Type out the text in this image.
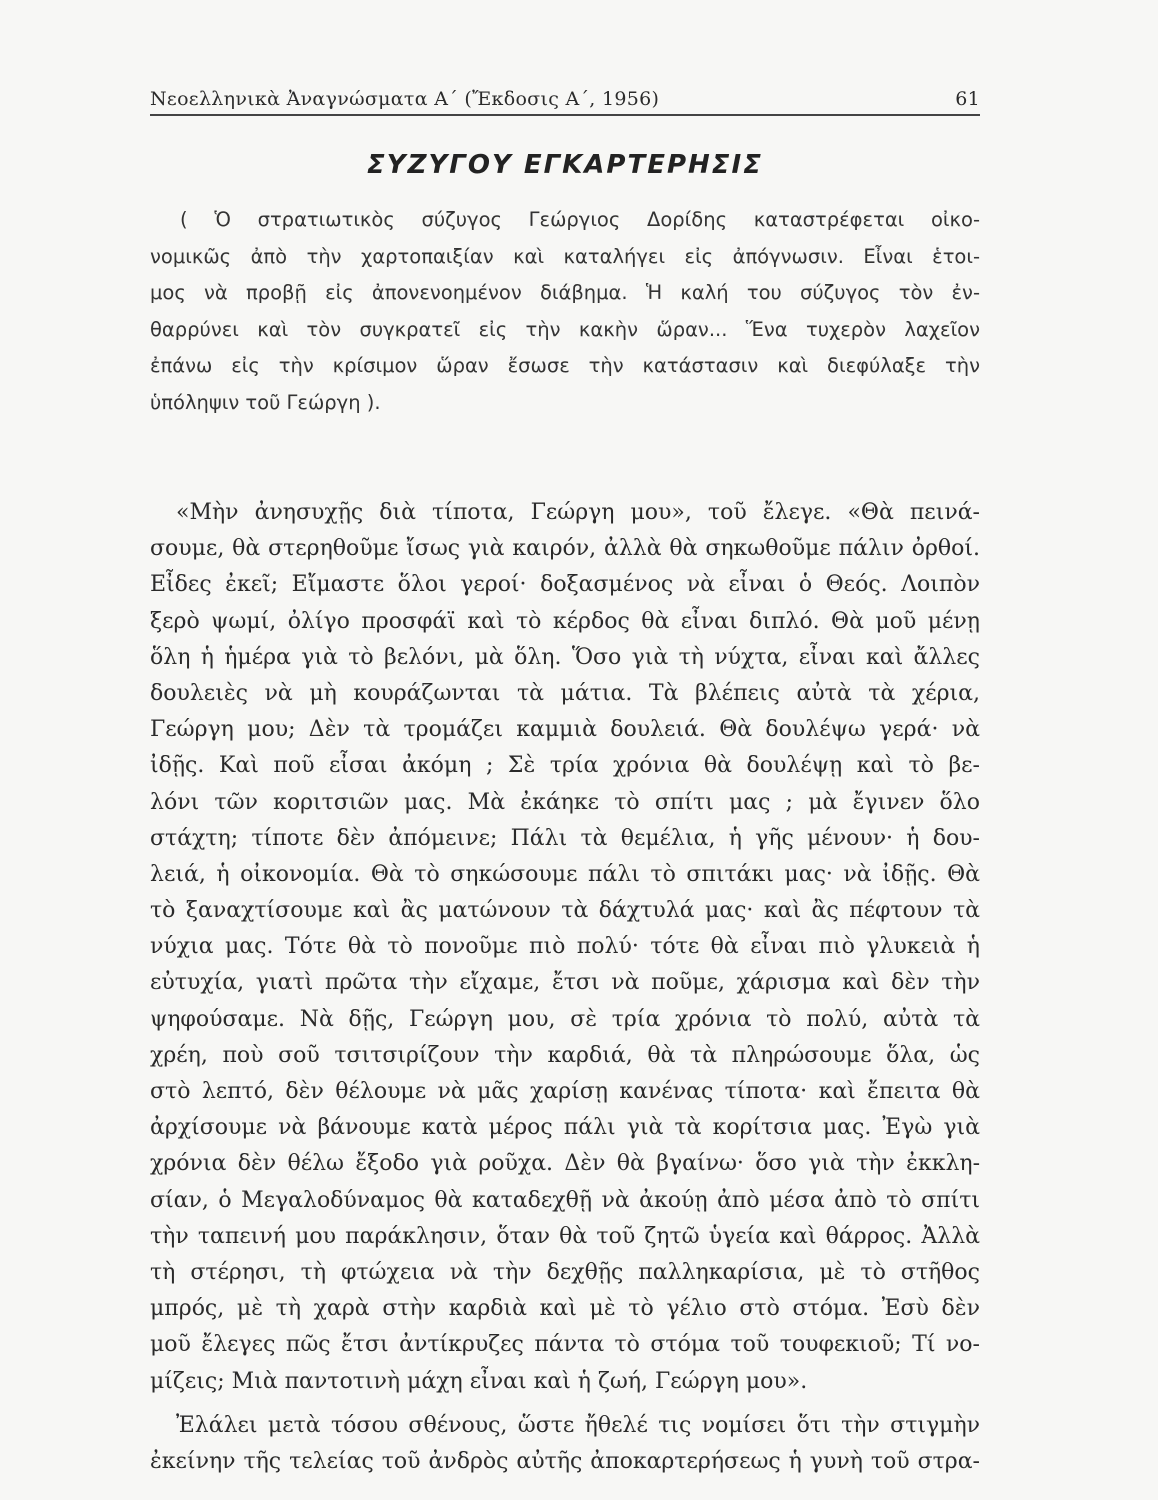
Νεοελληνικὰ Ἀναγνώσματα Α΄ (Ἔκδοσις Α΄, 1956)	61
ΣΥΖΥΓΟΥ ΕΓΚΑΡΤΕΡΗΣΙΣ
( Ὁ στρατιωτικὸς σύζυγος Γεώργιος Δορίδης καταστρέφεται οἰκο-
νομικῶς ἀπὸ τὴν χαρτοπαιξίαν καὶ καταλήγει εἰς ἀπόγνωσιν. Εἶναι ἑτοι-
μος νὰ προβῇ εἰς ἀπονενοημένον διάβημα. Ἡ καλή του σύζυγος τὸν ἐν-
θαρρύνει καὶ τὸν συγκρατεῖ εἰς τὴν κακὴν ὥραν... Ἕνα τυχερὸν λαχεῖον
ἐπάνω εἰς τὴν κρίσιμον ὥραν ἔσωσε τὴν κατάστασιν καὶ διεφύλαξε τὴν
ὑπόληψιν τοῦ Γεώργη ).
«Μὴν ἀνησυχῇς διὰ τίποτα, Γεώργη μου», τοῦ ἔλεγε. «Θὰ πεινά-
σουμε, θὰ στερηθοῦμε ἴσως γιὰ καιρόν, ἀλλὰ θὰ σηκωθοῦμε πάλιν ὀρθοί.
Εἶδες ἐκεῖ; Εἴμαστε ὅλοι γεροί· δοξασμένος νὰ εἶναι ὁ Θεός. Λοιπὸν
ξερὸ ψωμί, ὀλίγο προσφάϊ καὶ τὸ κέρδος θὰ εἶναι διπλό. Θὰ μοῦ μένῃ
ὅλη ἡ ἡμέρα γιὰ τὸ βελόνι, μὰ ὅλη. Ὅσο γιὰ τὴ νύχτα, εἶναι καὶ ἄλλες
δουλειὲς νὰ μὴ κουράζωνται τὰ μάτια. Τὰ βλέπεις αὐτὰ τὰ χέρια,
Γεώργη μου; Δὲν τὰ τρομάζει καμμιὰ δουλειά. Θὰ δουλέψω γερά· νὰ
ἰδῇς. Καὶ ποῦ εἶσαι ἀκόμη ; Σὲ τρία χρόνια θὰ δουλέψῃ καὶ τὸ βε-
λόνι τῶν κοριτσιῶν μας. Μὰ ἐκάηκε τὸ σπίτι μας ; μὰ ἔγινεν ὅλο
στάχτη; τίποτε δὲν ἀπόμεινε; Πάλι τὰ θεμέλια, ἡ γῆς μένουν· ἡ δου-
λειά, ἡ οἰκονομία. Θὰ τὸ σηκώσουμε πάλι τὸ σπιτάκι μας· νὰ ἰδῇς. Θὰ
τὸ ξαναχτίσουμε καὶ ἂς ματώνουν τὰ δάχτυλά μας· καὶ ἂς πέφτουν τὰ
νύχια μας. Τότε θὰ τὸ πονοῦμε πιὸ πολύ· τότε θὰ εἶναι πιὸ γλυκειὰ ἡ
εὐτυχία, γιατὶ πρῶτα τὴν εἴχαμε, ἔτσι νὰ ποῦμε, χάρισμα καὶ δὲν τὴν
ψηφούσαμε. Νὰ δῇς, Γεώργη μου, σὲ τρία χρόνια τὸ πολύ, αὐτὰ τὰ
χρέη, ποὺ σοῦ τσιτσιρίζουν τὴν καρδιά, θὰ τὰ πληρώσουμε ὅλα, ὡς
στὸ λεπτό, δὲν θέλουμε νὰ μᾶς χαρίσῃ κανένας τίποτα· καὶ ἔπειτα θὰ
ἀρχίσουμε νὰ βάνουμε κατὰ μέρος πάλι γιὰ τὰ κορίτσια μας. Ἐγὼ γιὰ
χρόνια δὲν θέλω ἔξοδο γιὰ ροῦχα. Δὲν θὰ βγαίνω· ὅσο γιὰ τὴν ἐκκλη-
σίαν, ὁ Μεγαλοδύναμος θὰ καταδεχθῇ νὰ ἀκούῃ ἀπὸ μέσα ἀπὸ τὸ σπίτι
τὴν ταπεινή μου παράκλησιν, ὅταν θὰ τοῦ ζητῶ ὑγεία καὶ θάρρος. Ἀλλὰ
τὴ στέρησι, τὴ φτώχεια νὰ τὴν δεχθῇς παλληκαρίσια, μὲ τὸ στῆθος
μπρός, μὲ τὴ χαρὰ στὴν καρδιὰ καὶ μὲ τὸ γέλιο στὸ στόμα. Ἐσὺ δὲν
μοῦ ἔλεγες πῶς ἔτσι ἀντίκρυζες πάντα τὸ στόμα τοῦ τουφεκιοῦ; Τί νο-
μίζεις; Μιὰ παντοτινὴ μάχη εἶναι καὶ ἡ ζωή, Γεώργη μου».
Ἐλάλει μετὰ τόσου σθένους, ὥστε ἤθελέ τις νομίσει ὅτι τὴν στιγμὴν
ἐκείνην τῆς τελείας τοῦ ἀνδρὸς αὐτῆς ἀποκαρτερήσεως ἡ γυνὴ τοῦ στρα-
